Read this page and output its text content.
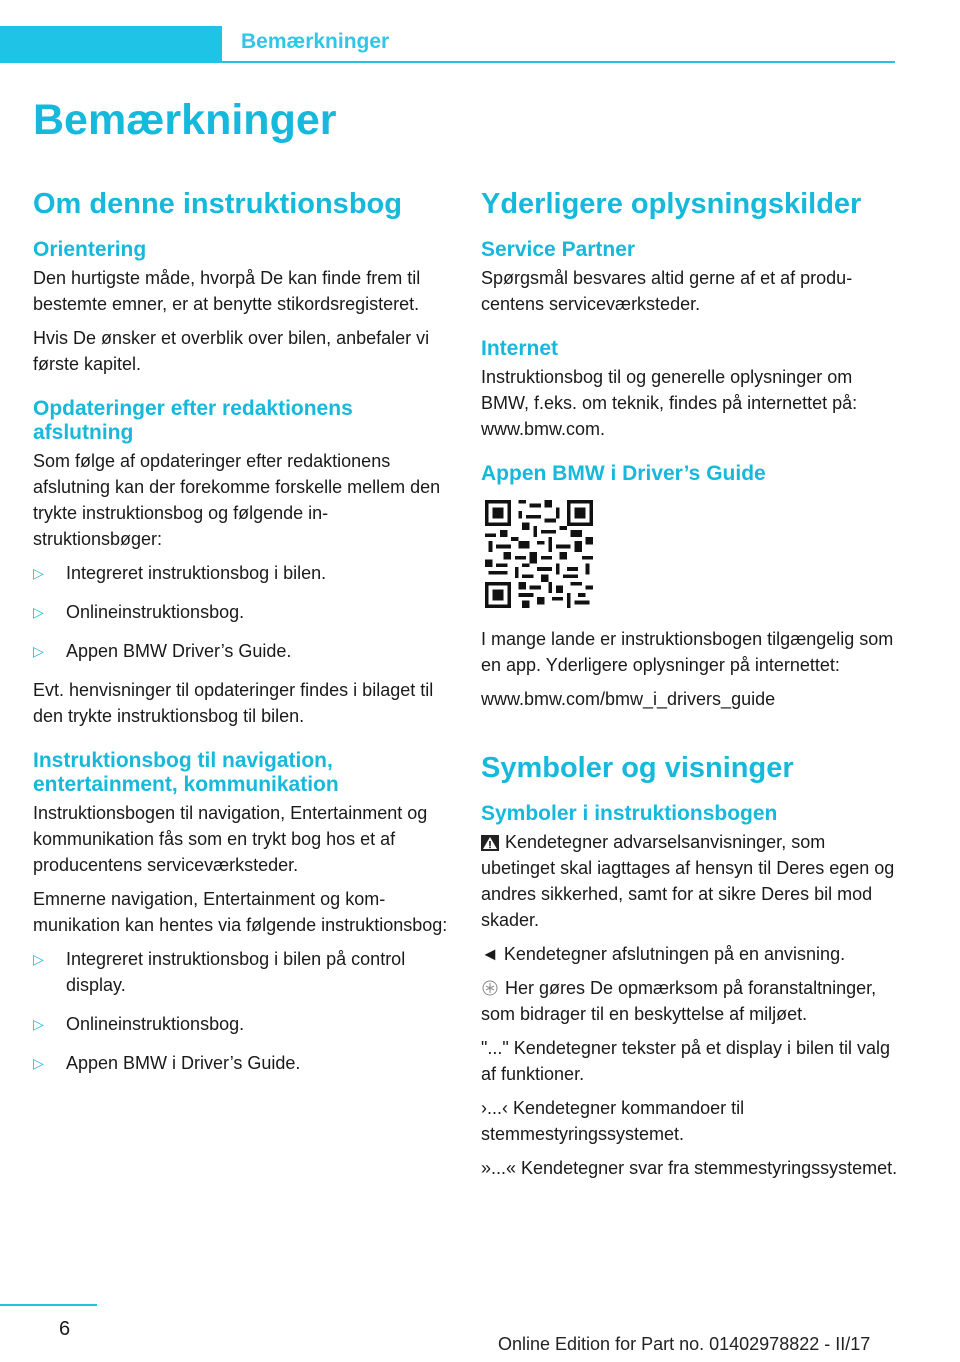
Bemærkninger
Bemærkninger
Om denne instruktionsbog
Orientering

Den hurtigste måde, hvorpå De kan finde frem til bestemte emner, er at benytte stikordsregisteret.

Hvis De ønsker et overblik over bilen, anbefaler vi første kapitel.

Opdateringer efter redaktionens afslutning

Som følge af opdateringer efter redaktionens afslutning kan der forekomme forskelle mellem den trykte instruktionsbog og følgende instruktionsbøger:

▷ Integreret instruktionsbog i bilen.
▷ Onlineinstruktionsbog.
▷ Appen BMW Driver’s Guide.

Evt. henvisninger til opdateringer findes i bilaget til den trykte instruktionsbog til bilen.

Instruktionsbog til navigation, entertainment, kommunikation

Instruktionsbogen til navigation, Entertainment og kommunikation fås som en trykt bog hos et af producentens serviceværksteder.

Emnerne navigation, Entertainment og kommunikation kan hentes via følgende instruktionsbog:

▷ Integreret instruktionsbog i bilen på control display.
▷ Onlineinstruktionsbog.
▷ Appen BMW i Driver’s Guide.
Yderligere oplysningskilder
Service Partner

Spørgsmål besvares altid gerne af et af producentens serviceværksteder.

Internet

Instruktionsbog til og generelle oplysninger om BMW, f.eks. om teknik, findes på internettet på: www.bmw.com.

Appen BMW i Driver’s Guide

I mange lande er instruktionsbogen tilgængelig som en app. Yderligere oplysninger på internettet:

www.bmw.com/bmw_i_drivers_guide

Symboler og visninger
Symboler i instruktionsbogen

Kendetegner advarselsanvisninger, som ubetinget skal iagttages af hensyn til Deres egen og andres sikkerhed, samt for at sikre Deres bil mod skader.

◄ Kendetegner afslutningen på en anvisning.

Her gøres De opmærksom på foranstaltninger, som bidrager til en beskyttelse af miljøet.

"..." Kendetegner tekster på et display i bilen til valg af funktioner.

›...‹ Kendetegner kommandoer til stemmestyringssystemet.

»...« Kendetegner svar fra stemmestyringssystemet.

6
Online Edition for Part no. 01402978822 - II/17
